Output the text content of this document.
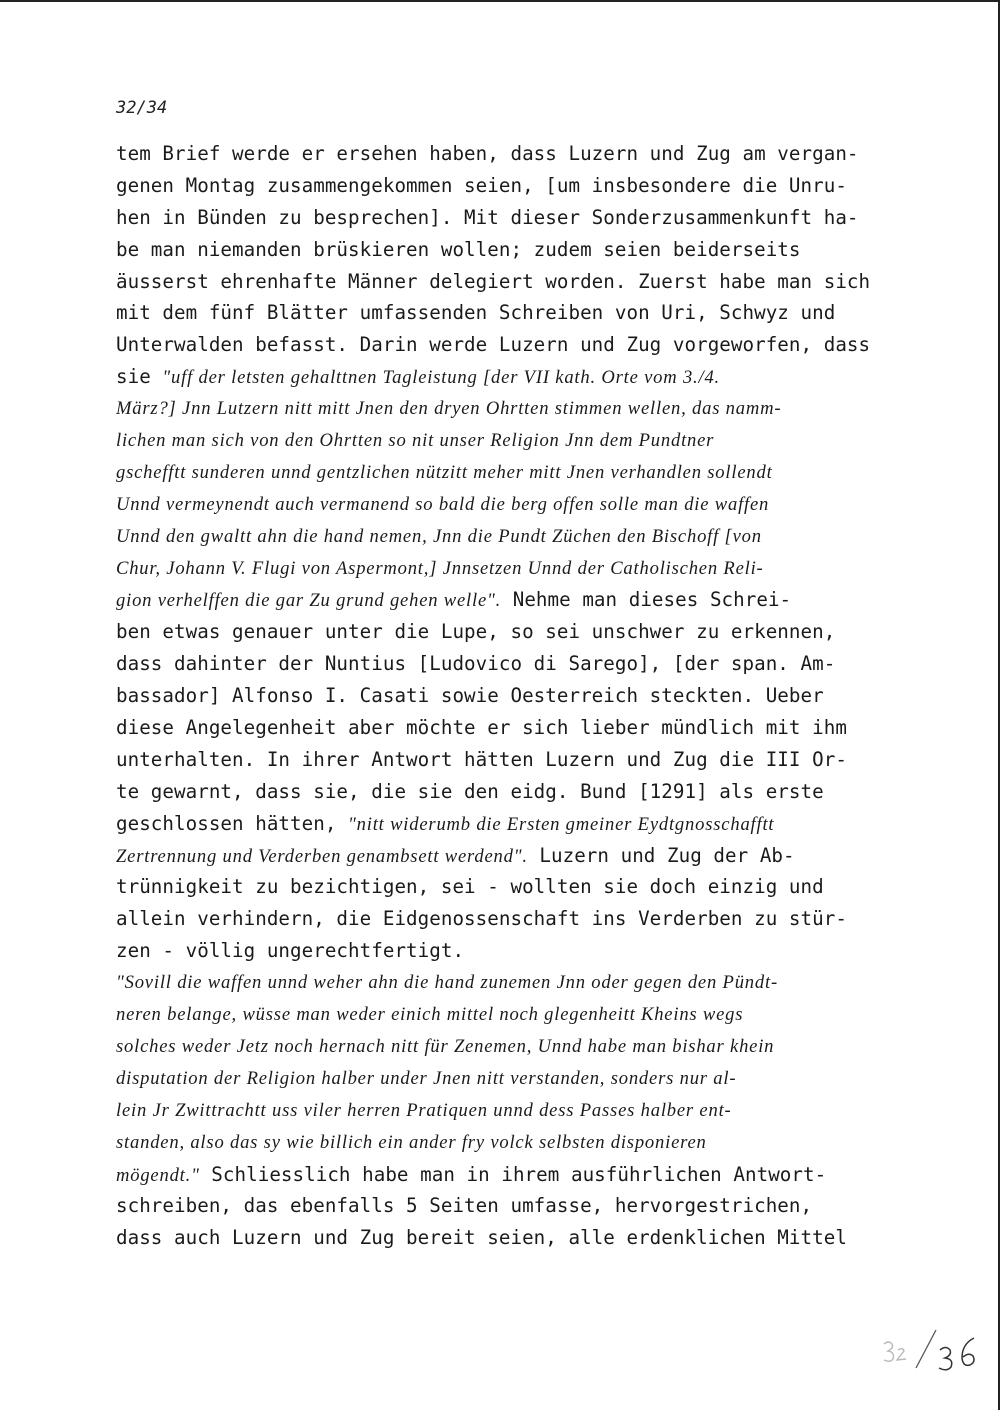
32/34
tem Brief werde er ersehen haben, dass Luzern und Zug am vergan-
genen Montag zusammengekommen seien, [um insbesondere die Unru-
hen in Bünden zu besprechen]. Mit dieser Sonderzusammenkunft ha-
be man niemanden brüskieren wollen; zudem seien beiderseits
äusserst ehrenhafte Männer delegiert worden. Zuerst habe man sich
mit dem fünf Blätter umfassenden Schreiben von Uri, Schwyz und
Unterwalden befasst. Darin werde Luzern und Zug vorgeworfen, dass
sie "uff der letsten gehalttnen Tagleistung [der VII kath. Orte vom 3./4.
März?] Jnn Lutzern nitt mitt Jnen den dryen Ohrtten stimmen wellen, das namm-
lichen man sich von den Ohrtten so nit unser Religion Jnn dem Pundtner
gschefftt sunderen unnd gentzlichen nützitt meher mitt Jnen verhandlen sollendt
Unnd vermeynendt auch vermanend so bald die berg offen solle man die waffen
Unnd den gwaltt ahn die hand nemen, Jnn die Pundt Züchen den Bischoff [von
Chur, Johann V. Flugi von Aspermont,] Jnnsetzen Unnd der Catholischen Reli-
gion verhelffen die gar Zu grund gehen welle". Nehme man dieses Schrei-
ben etwas genauer unter die Lupe, so sei unschwer zu erkennen,
dass dahinter der Nuntius [Ludovico di Sarego], [der span. Am-
bassador] Alfonso I. Casati sowie Oesterreich steckten. Ueber
diese Angelegenheit aber möchte er sich lieber mündlich mit ihm
unterhalten. In ihrer Antwort hätten Luzern und Zug die III Or-
te gewarnt, dass sie, die sie den eidg. Bund [1291] als erste
geschlossen hätten, "nitt widerumb die Ersten gmeiner Eydtgnosschafftt
Zertrennung und Verderben genambsett werdend". Luzern und Zug der Ab-
trünnigkeit zu bezichtigen, sei - wollten sie doch einzig und
allein verhindern, die Eidgenossenschaft ins Verderben zu stür-
zen - völlig ungerechtfertigt.
"Sovill die waffen unnd weher ahn die hand zunemen Jnn oder gegen den Pündt-
neren belange, wüsse man weder einich mittel noch glegenheitt Kheins wegs
solches weder Jetz noch hernach nitt für Zenemen, Unnd habe man bishar khein
disputation der Religion halber under Jnen nitt verstanden, sonders nur al-
lein Jr Zwittrachtt uss viler herren Pratiquen unnd dess Passes halber ent-
standen, also das sy wie billich ein ander fry volck selbsten disponieren
mögendt." Schliesslich habe man in ihrem ausführlichen Antwort-
schreiben, das ebenfalls 5 Seiten umfasse, hervorgestrichen,
dass auch Luzern und Zug bereit seien, alle erdenklichen Mittel
